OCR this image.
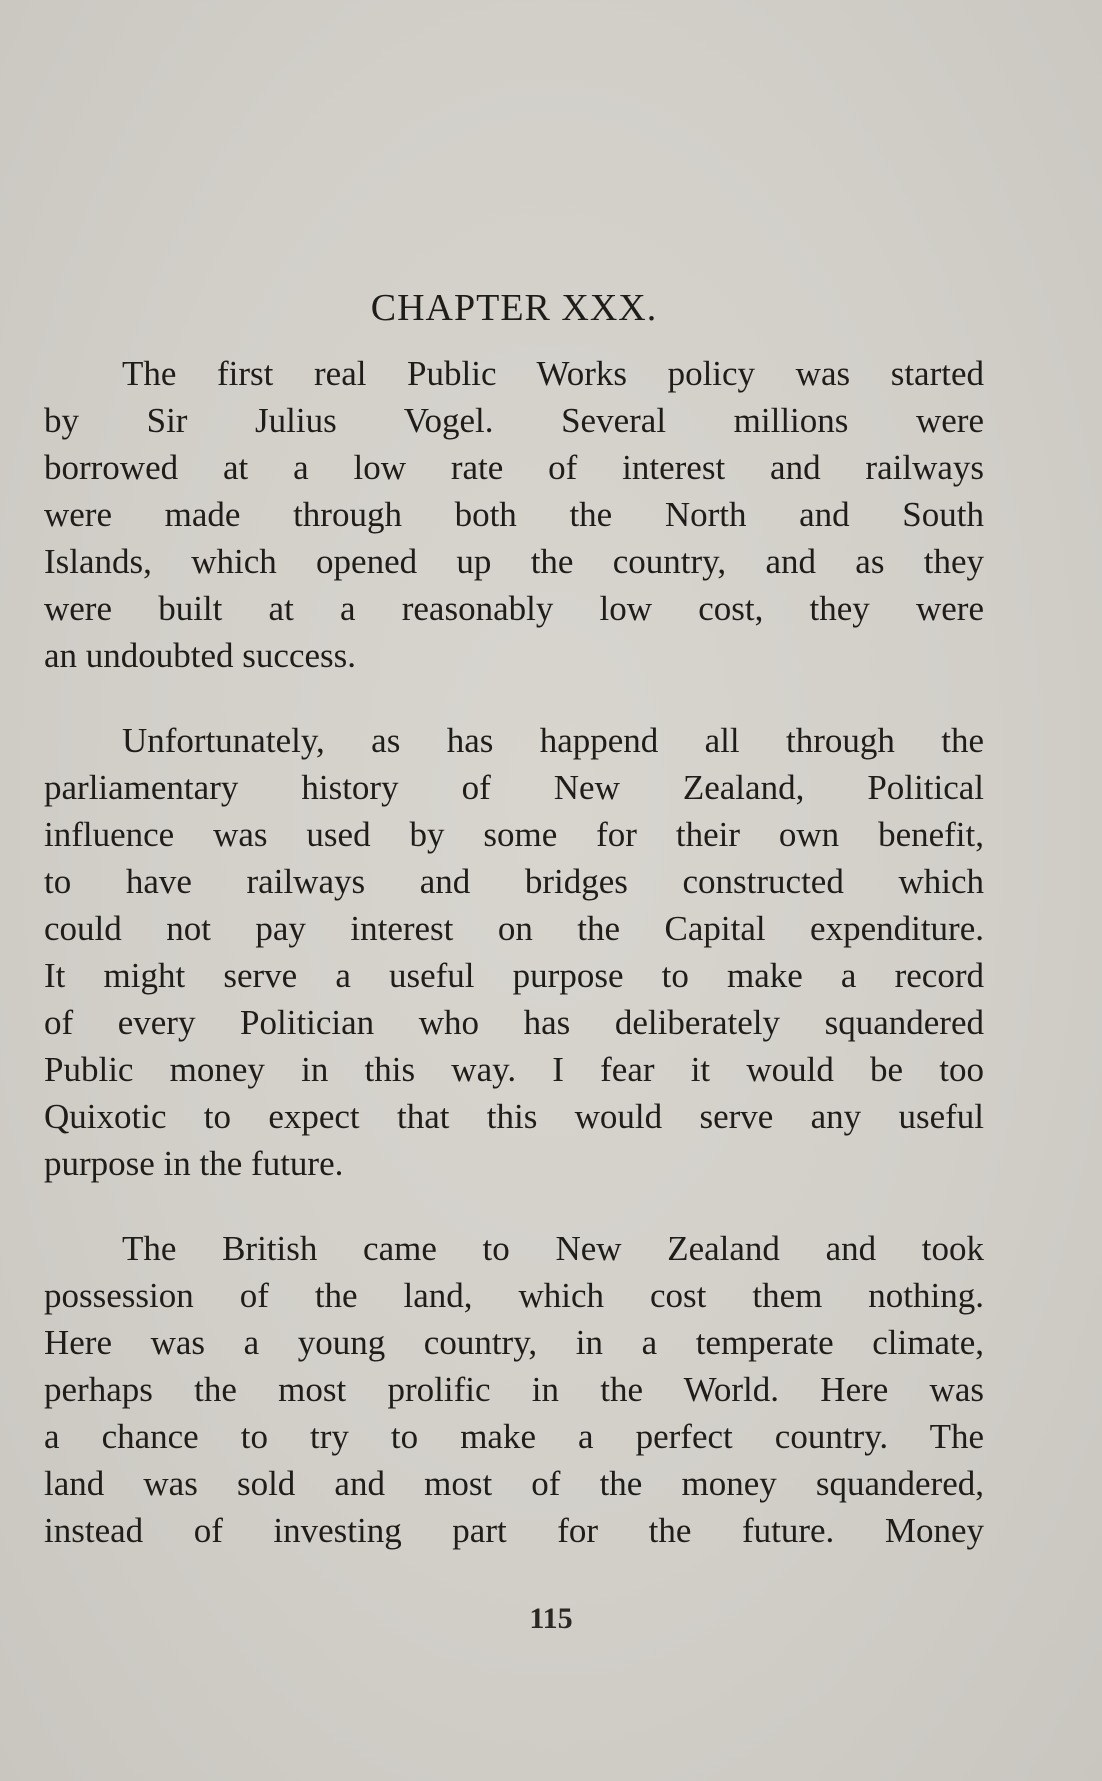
CHAPTER XXX.
The first real Public Works policy was started
by Sir Julius Vogel. Several millions were
borrowed at a low rate of interest and railways
were made through both the North and South
Islands, which opened up the country, and as they
were built at a reasonably low cost, they were
an undoubted success.
Unfortunately, as has happend all through the
parliamentary history of New Zealand, Political
influence was used by some for their own benefit,
to have railways and bridges constructed which
could not pay interest on the Capital expenditure.
It might serve a useful purpose to make a record
of every Politician who has deliberately squandered
Public money in this way. I fear it would be too
Quixotic to expect that this would serve any useful
purpose in the future.
The British came to New Zealand and took
possession of the land, which cost them nothing.
Here was a young country, in a temperate climate,
perhaps the most prolific in the World. Here was
a chance to try to make a perfect country. The
land was sold and most of the money squandered,
instead of investing part for the future. Money
115
